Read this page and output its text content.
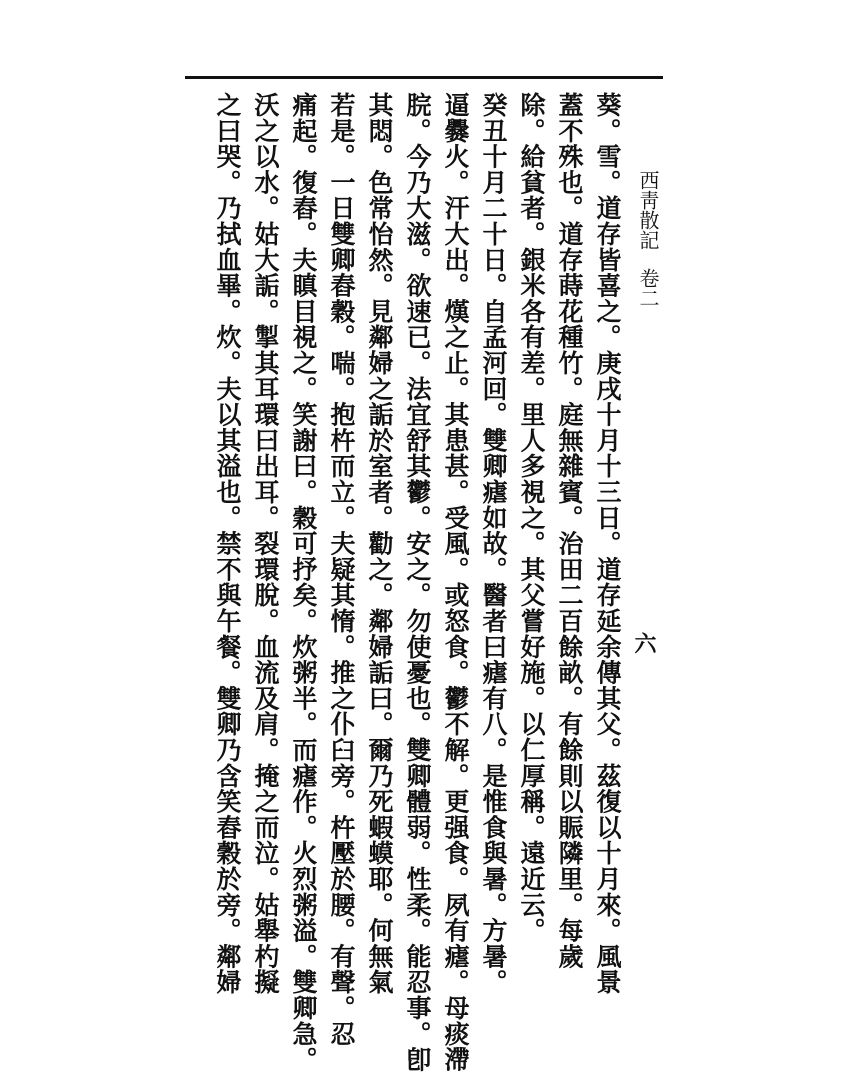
西靑散記卷二
六
葵。雪。道存皆喜之。庚戌十月十三日。道存延余傳其父。茲復以十月來。風景
蓋不殊也。道存蒔花種竹。庭無雜賓。治田二百餘畝。有餘則以賑隣里。每歲
除。給貧者。銀米各有差。里人多視之。其父嘗好施。以仁厚稱。遠近云。
癸丑十月二十日。自孟河回。雙卿瘧如故。醫者曰瘧有八。是惟食與暑。方暑。
逼爨火。汗大出。熯之止。其患甚。受風。或怒食。鬱不解。更强食。夙有瘧。母痰滯
脘。今乃大滋。欲速已。法宜舒其鬱。安之。勿使憂也。雙卿體弱。性柔。能忍事。卽
其悶。色常怡然。見鄰婦之詬於室者。勸之。鄰婦詬曰。爾乃死蝦蟆耶。何無氣
若是。一日雙卿舂穀。喘。抱杵而立。夫疑其惰。推之仆臼旁。杵壓於腰。有聲。忍
痛起。復舂。夫瞋目視之。笑謝曰。穀可抒矣。炊粥半。而瘧作。火烈粥溢。雙卿急。
沃之以水。姑大詬。掣其耳環曰出耳。裂環脫。血流及肩。掩之而泣。姑舉杓擬
之曰哭。乃拭血畢。炊。夫以其溢也。禁不與午餐。雙卿乃含笑舂穀於旁。鄰婦
